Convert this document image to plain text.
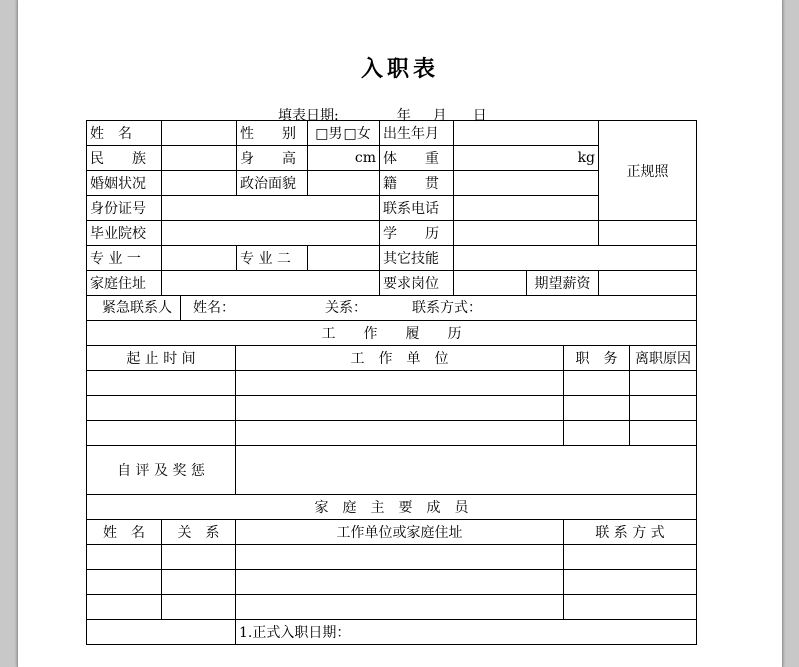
入职表
填表日期:	年 月 日
姓　名		性　　别	□男□女	出生年月				正规照	
民　　族		身　　高	cm	体　　重	kg				
婚姻状况		政治面貌		籍　　贯					
身份证号				联系电话					
毕业院校				学　　历					
专 业 一		专 业 二		其它技能					
家庭住址				要求岗位		期望薪资			
紧急联系人 姓名： 关系： 联系方式：									
工　　作　　履　　历									
起 止 时 间		工　作　单　位					职　务		离职原因

自 评 及 奖 惩									
家　庭　主　要　成　员									
姓　名	关　系	工作单位或家庭住址					联 系 方 式		

		1.正式入职日期：							
